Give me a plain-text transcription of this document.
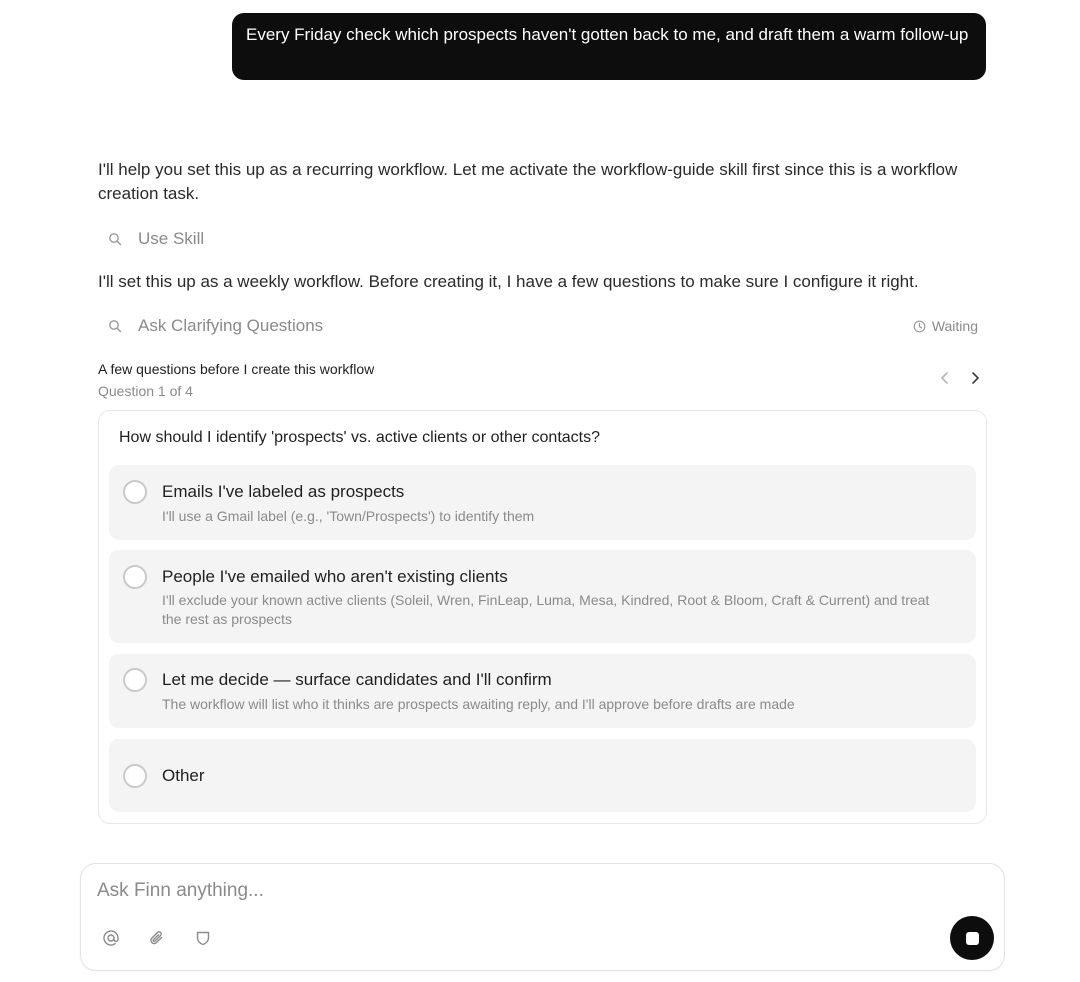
Every Friday check which prospects haven't gotten back to me, and draft them a warm follow-up
I'll help you set this up as a recurring workflow. Let me activate the workflow-guide skill first since this is a workflow creation task.
Use Skill
I'll set this up as a weekly workflow. Before creating it, I have a few questions to make sure I configure it right.
Ask Clarifying Questions	Waiting
A few questions before I create this workflow
Question 1 of 4
How should I identify 'prospects' vs. active clients or other contacts?
Emails I've labeled as prospects
I'll use a Gmail label (e.g., 'Town/Prospects') to identify them
People I've emailed who aren't existing clients
I'll exclude your known active clients (Soleil, Wren, FinLeap, Luma, Mesa, Kindred, Root & Bloom, Craft & Current) and treat the rest as prospects
Let me decide — surface candidates and I'll confirm
The workflow will list who it thinks are prospects awaiting reply, and I'll approve before drafts are made
Other
Ask Finn anything...
